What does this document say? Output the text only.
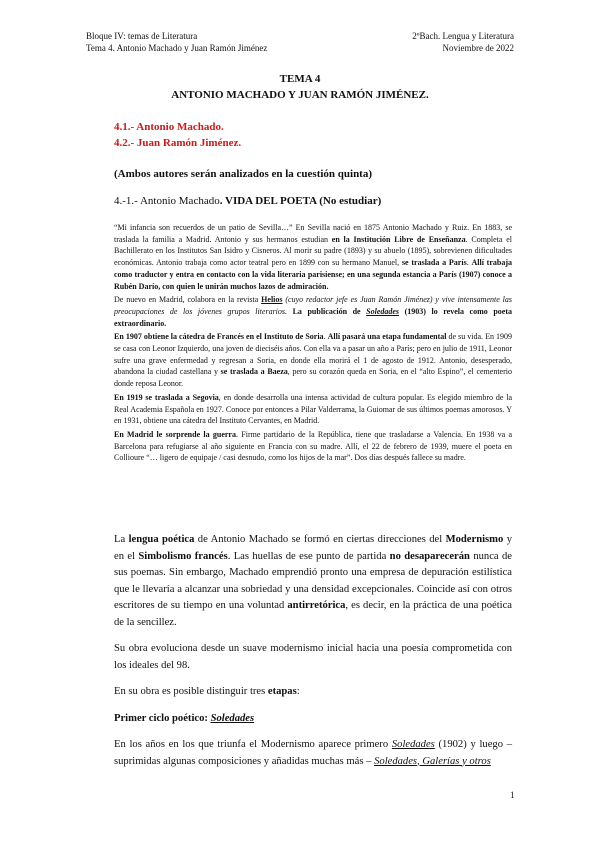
Bloque IV: temas de Literatura
Tema 4. Antonio Machado y Juan Ramón Jiménez
2ºBach. Lengua y Literatura
Noviembre de 2022
TEMA 4
ANTONIO MACHADO Y JUAN RAMÓN JIMÉNEZ.
4.1.- Antonio Machado.
4.2.- Juan Ramón Jiménez.
(Ambos autores serán analizados en la cuestión quinta)
4.-1.- Antonio Machado. VIDA DEL POETA (No estudiar)

“Mi infancia son recuerdos de un patio de Sevilla…” En Sevilla nació en 1875 Antonio Machado y Ruiz. En 1883, se traslada la familia a Madrid. Antonio y sus hermanos estudian en la Institución Libre de Enseñanza. Completa el Bachillerato en los Institutos San Isidro y Cisneros. Al morir su padre (1893) y su abuelo (1895), sobrevienen dificultades económicas. Antonio trabaja como actor teatral pero en 1899 con su hermano Manuel, se traslada a París. Allí trabaja como traductor y entra en contacto con la vida literaria parisiense; en una segunda estancia a París (1907) conoce a Rubén Darío, con quien le unirán muchos lazos de admiración.

De nuevo en Madrid, colabora en la revista Helios (cuyo redactor jefe es Juan Ramón Jiménez) y vive intensamente las preocupaciones de los jóvenes grupos literarios. La publicación de Soledades (1903) lo revela como poeta extraordinario.

En 1907 obtiene la cátedra de Francés en el Instituto de Soria. Allí pasará una etapa fundamental de su vida. En 1909 se casa con Leonor Izquierdo, una joven de dieciséis años. Con ella va a pasar un año a París; pero en julio de 1911, Leonor sufre una grave enfermedad y regresan a Soria, en donde ella morirá el 1 de agosto de 1912. Antonio, desesperado, abandona la ciudad castellana y se traslada a Baeza, pero su corazón queda en Soria, en el “alto Espino”, el cementerio donde reposa Leonor.

En 1919 se traslada a Segovia, en donde desarrolla una intensa actividad de cultura popular. Es elegido miembro de la Real Academia Española en 1927. Conoce por entonces a Pilar Valderrama, la Guiomar de sus últimos poemas amorosos. Y en 1931, obtiene una cátedra del Instituto Cervantes, en Madrid.

En Madrid le sorprende la guerra. Firme partidario de la República, tiene que trasladarse a Valencia. En 1938 va a Barcelona para refugiarse al año siguiente en Francia con su madre. Allí, el 22 de febrero de 1939, muere el poeta en Collioure “… ligero de equipaje / casi desnudo, como los hijos de la mar”. Dos días después fallece su madre.

La lengua poética de Antonio Machado se formó en ciertas direcciones del Modernismo y en el Simbolismo francés. Las huellas de ese punto de partida no desaparecerán nunca de sus poemas. Sin embargo, Machado emprendió pronto una empresa de depuración estilística que le llevaría a alcanzar una sobriedad y una densidad excepcionales. Coincide así con otros escritores de su tiempo en una voluntad antirretórica, es decir, en la práctica de una poética de la sencillez.

Su obra evoluciona desde un suave modernismo inicial hacia una poesía comprometida con los ideales del 98.

En su obra es posible distinguir tres etapas:

Primer ciclo poético: Soledades

En los años en los que triunfa el Modernismo aparece primero Soledades (1902) y luego –suprimidas algunas composiciones y añadidas muchas más – Soledades, Galerías y otros

1
